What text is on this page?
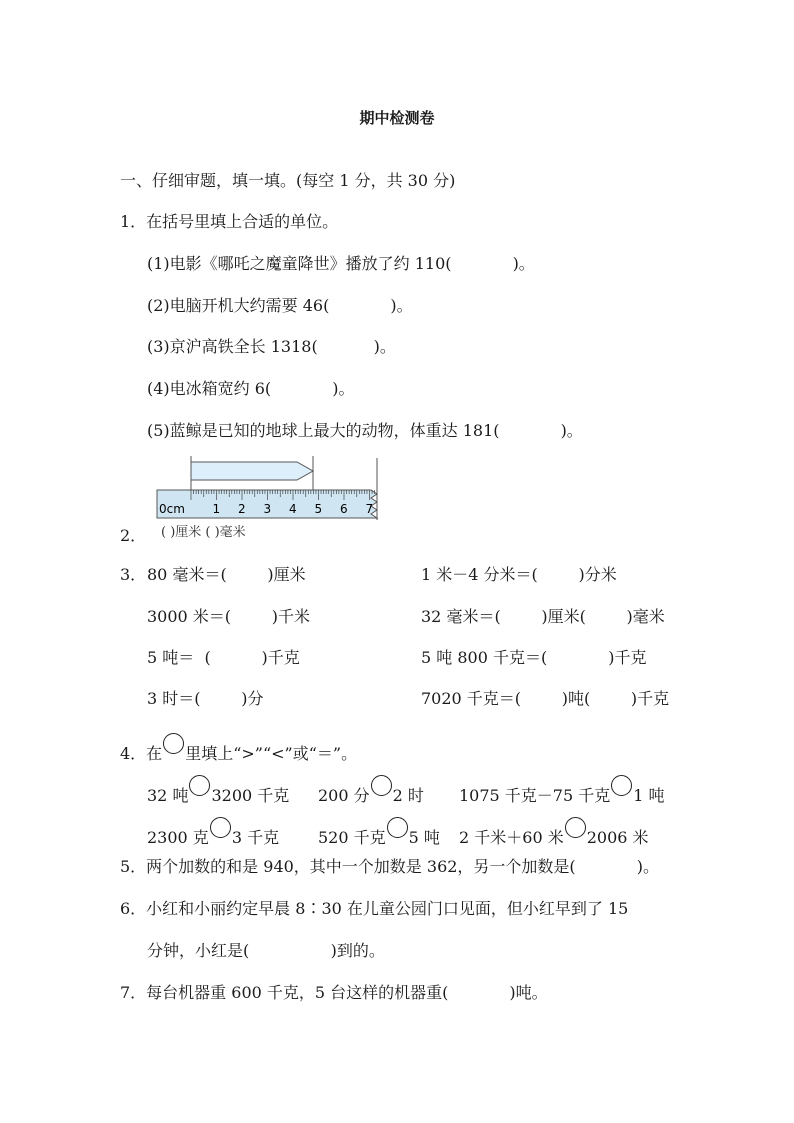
期中检测卷
一、仔细审题，填一填。(每空 1 分，共 30 分)
1．在括号里填上合适的单位。
(1)电影《哪吒之魔童降世》播放了约 110(            )。
(2)电脑开机大约需要 46(            )。
(3)京沪高铁全长 1318(           )。
(4)电冰箱宽约 6(            )。
(5)蓝鲸是已知的地球上最大的动物，体重达 181(            )。
0cm 1 2 3 4 5 6 7
( )厘米 ( )毫米
2．
3． 80 毫米＝(        )厘米
3000 米＝(        )千米
5 吨＝  (          )千克
3 时＝(        )分
1 米－4 分米＝(        )分米
32 毫米＝(        )厘米(        )毫米
5 吨 800 千克＝(            )千克
7020 千克＝(        )吨(        )千克
4．在 里填上“>”“<”或“＝”。
32 吨 3200 千克 200 分 2 时 1075 千克－75 千克 1 吨
2300 克 3 千克 520 千克 5 吨 2 千米＋60 米 2006 米
5．两个加数的和是 940，其中一个加数是 362，另一个加数是(            )。
6．小红和小丽约定早晨 8∶30 在儿童公园门口见面，但小红早到了 15
分钟，小红是(                )到的。
7．每台机器重 600 千克，5 台这样的机器重(            )吨。
